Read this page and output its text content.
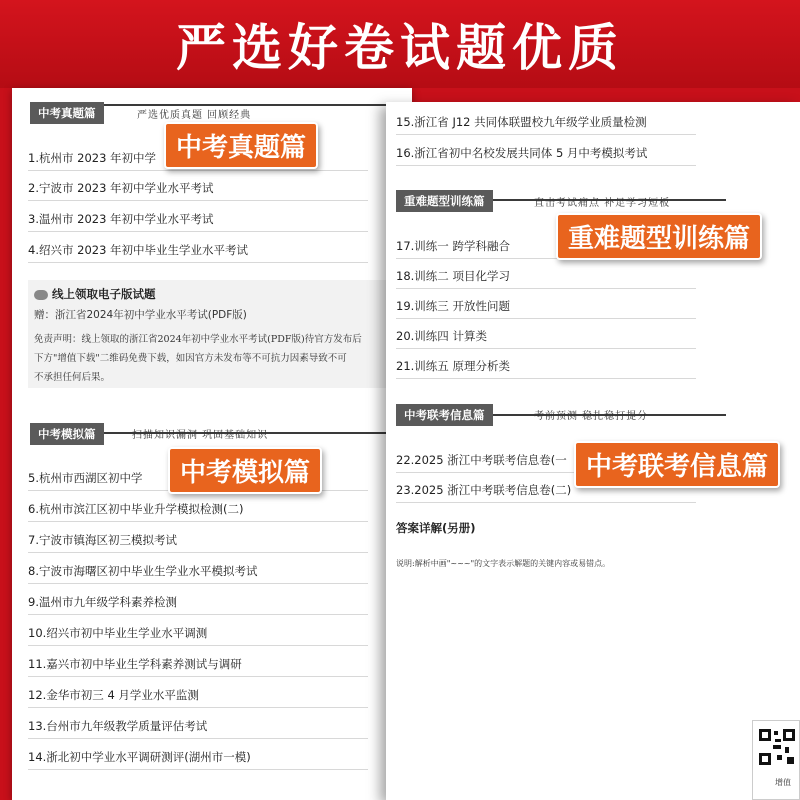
严选好卷试题优质
中考真题篇	严选优质真题 回顾经典
1.杭州市 2023 年初中学
2.宁波市 2023 年初中学业水平考试
3.温州市 2023 年初中学业水平考试
4.绍兴市 2023 年初中毕业生学业水平考试
线上领取电子版试题
赠：浙江省2024年初中学业水平考试(PDF版)
免责声明：线上领取的浙江省2024年初中学业水平考试(PDF版)待官方发布后
下方"增值下载"二维码免费下载，如因官方未发布等不可抗力因素导致不可
不承担任何后果。
中考模拟篇	扫描知识漏洞 巩固基础知识
5.杭州市西湖区初中学
6.杭州市滨江区初中毕业升学模拟检测(二)
7.宁波市镇海区初三模拟考试
8.宁波市海曙区初中毕业生学业水平模拟考试
9.温州市九年级学科素养检测
10.绍兴市初中毕业生学业水平调测
11.嘉兴市初中毕业生学科素养测试与调研
12.金华市初三 4 月学业水平监测
13.台州市九年级教学质量评估考试
14.浙北初中学业水平调研测评(湖州市一模)
15.浙江省 J12 共同体联盟校九年级学业质量检测
16.浙江省初中名校发展共同体 5 月中考模拟考试
重难题型训练篇	直击考试痛点 补足学习短板
17.训练一 跨学科融合
18.训练二 项目化学习
19.训练三 开放性问题
20.训练四 计算类
21.训练五 原理分析类
中考联考信息篇	考前预测 稳扎稳打提分
22.2025 浙江中考联考信息卷(一
23.2025 浙江中考联考信息卷(二)
答案详解(另册)
说明:解析中画"~~~"的文字表示解题的关键内容或易错点。
增值
中考真题篇
中考模拟篇
重难题型训练篇
中考联考信息篇
